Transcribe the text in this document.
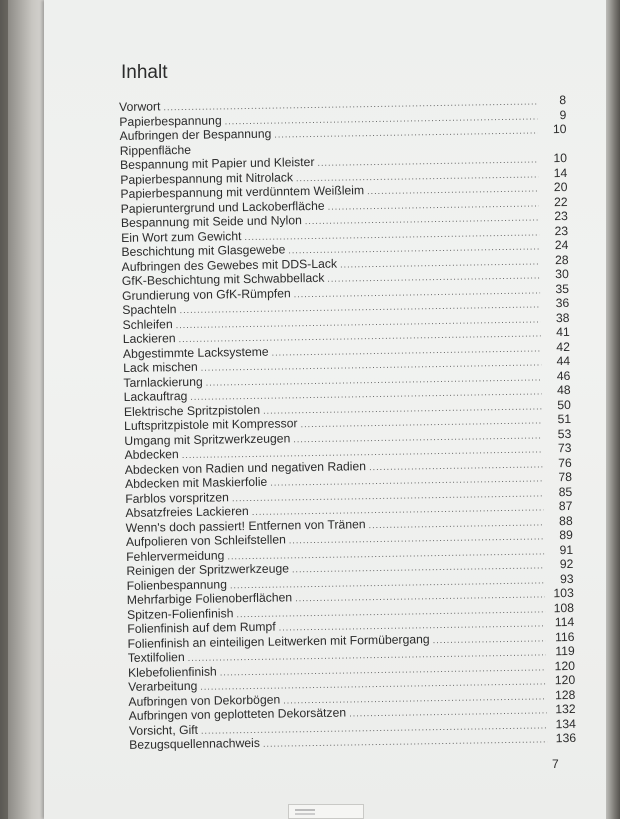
Inhalt
Vorwort .....	8
Papierbespannung .....	9
Aufbringen der Bespannung .....	10
Rippenfläche
Bespannung mit Papier und Kleister .....	10
Papierbespannung mit Nitrolack .....	14
Papierbespannung mit verdünntem Weißleim .....	20
Papieruntergrund und Lackoberfläche .....	22
Bespannung mit Seide und Nylon .....	23
Ein Wort zum Gewicht .....	23
Beschichtung mit Glasgewebe .....	24
Aufbringen des Gewebes mit DDS-Lack .....	28
GfK-Beschichtung mit Schwabbellack .....	30
Grundierung von GfK-Rümpfen .....	35
Spachteln .....	36
Schleifen .....	38
Lackieren .....	41
Abgestimmte Lacksysteme .....	42
Lack mischen .....	44
Tarnlackierung .....	46
Lackauftrag .....	48
Elektrische Spritzpistolen .....	50
Luftspritzpistole mit Kompressor .....	51
Umgang mit Spritzwerkzeugen .....	53
Abdecken .....	73
Abdecken von Radien und negativen Radien .....	76
Abdecken mit Maskierfolie .....	78
Farblos vorspritzen .....	85
Absatzfreies Lackieren .....	87
Wenn's doch passiert! Entfernen von Tränen .....	88
Aufpolieren von Schleifstellen .....	89
Fehlervermeidung .....	91
Reinigen der Spritzwerkzeuge .....	92
Folienbespannung .....	93
Mehrfarbige Folienoberflächen .....	103
Spitzen-Folienfinish .....	108
Folienfinish auf dem Rumpf .....	114
Folienfinish an einteiligen Leitwerken mit Formübergang .....	116
Textilfolien .....	119
Klebefolienfinish .....	120
Verarbeitung .....	120
Aufbringen von Dekorbögen .....	128
Aufbringen von geplotteten Dekorsätzen .....	132
Vorsicht, Gift .....	134
Bezugsquellennachweis .....	136
7
